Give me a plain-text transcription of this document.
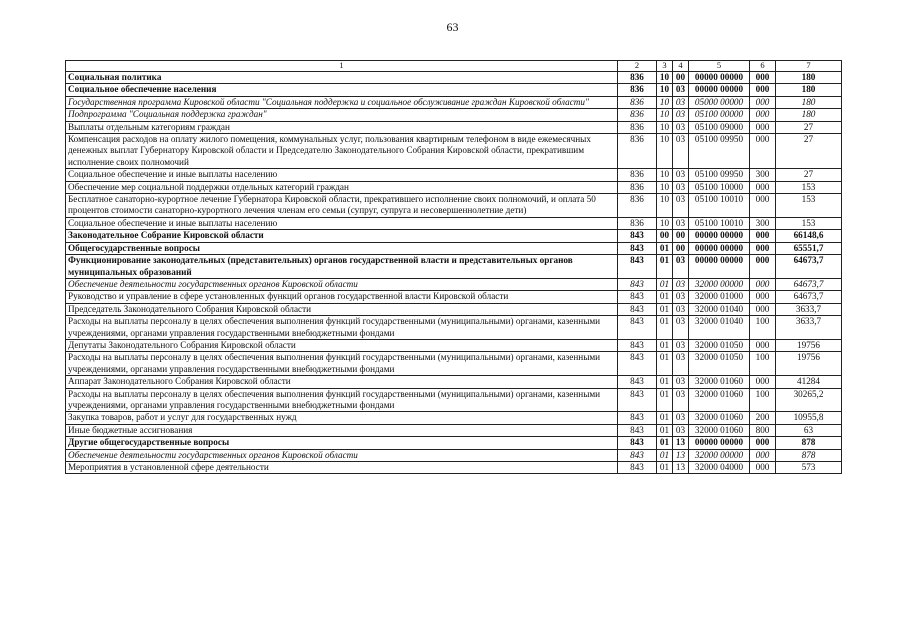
63
1	2	3	4	5	6	7
Социальная политика	836	10	00	00000 00000	000	180
Социальное обеспечение населения	836	10	03	00000 00000	000	180
Государственная программа Кировской области "Социальная поддержка и социальное обслуживание граждан Кировской области"	836	10	03	05000 00000	000	180
Подпрограмма "Социальная поддержка граждан"	836	10	03	05100 00000	000	180
Выплаты отдельным категориям граждан	836	10	03	05100 09000	000	27
Компенсация расходов на оплату жилого помещения, коммунальных услуг, пользования квартирным телефоном в виде ежемесячных денежных выплат Губернатору Кировской области и Председателю Законодательного Собрания Кировской области, прекратившим исполнение своих полномочий	836	10	03	05100 09950	000	27
Социальное обеспечение и иные выплаты населению	836	10	03	05100 09950	300	27
Обеспечение мер социальной поддержки отдельных категорий граждан	836	10	03	05100 10000	000	153
Бесплатное санаторно-курортное лечение Губернатора Кировской области, прекратившего исполнение своих полномочий, и оплата 50 процентов стоимости санаторно-курортного лечения членам его семьи (супруг, супруга и несовершеннолетние дети)	836	10	03	05100 10010	000	153
Социальное обеспечение и иные выплаты населению	836	10	03	05100 10010	300	153
Законодательное Собрание Кировской области	843	00	00	00000 00000	000	66148,6
Общегосударственные вопросы	843	01	00	00000 00000	000	65551,7
Функционирование законодательных (представительных) органов государственной власти и представительных органов муниципальных образований	843	01	03	00000 00000	000	64673,7
Обеспечение деятельности государственных органов Кировской области	843	01	03	32000 00000	000	64673,7
Руководство и управление в сфере установленных функций органов государственной власти Кировской области	843	01	03	32000 01000	000	64673,7
Председатель Законодательного Собрания Кировской области	843	01	03	32000 01040	000	3633,7
Расходы на выплаты персоналу в целях обеспечения выполнения функций государственными (муниципальными) органами, казенными учреждениями, органами управления государственными внебюджетными фондами	843	01	03	32000 01040	100	3633,7
Депутаты Законодательного Собрания Кировской области	843	01	03	32000 01050	000	19756
Расходы на выплаты персоналу в целях обеспечения выполнения функций государственными (муниципальными) органами, казенными учреждениями, органами управления государственными внебюджетными фондами	843	01	03	32000 01050	100	19756
Аппарат Законодательного Собрания Кировской области	843	01	03	32000 01060	000	41284
Расходы на выплаты персоналу в целях обеспечения выполнения функций государственными (муниципальными) органами, казенными учреждениями, органами управления государственными внебюджетными фондами	843	01	03	32000 01060	100	30265,2
Закупка товаров, работ и услуг для государственных нужд	843	01	03	32000 01060	200	10955,8
Иные бюджетные ассигнования	843	01	03	32000 01060	800	63
Другие общегосударственные вопросы	843	01	13	00000 00000	000	878
Обеспечение деятельности государственных органов Кировской области	843	01	13	32000 00000	000	878
Мероприятия в установленной сфере деятельности	843	01	13	32000 04000	000	573
